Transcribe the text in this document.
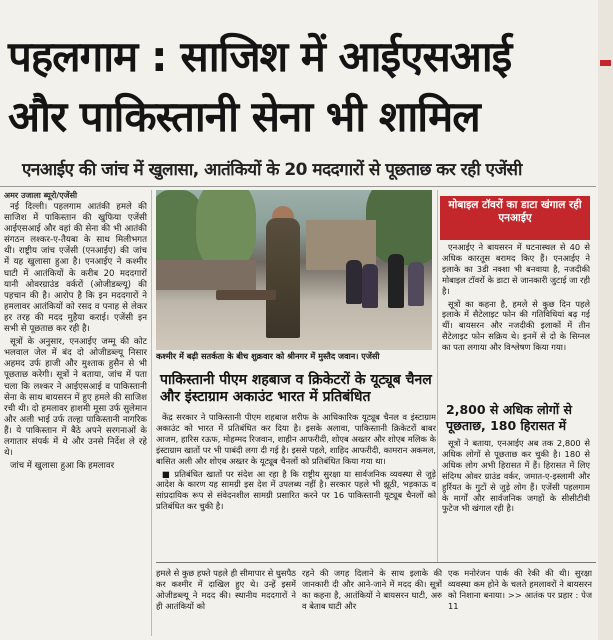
पहलगाम : साजिश में आईएसआई
और पाकिस्तानी सेना भी शामिल
एनआईए की जांच में खुलासा, आतंकियों के 20 मददगारों से पूछताछ कर रही एजेंसी
अमर उजाला ब्यूरो/एजेंसी

नई दिल्ली। पहलगाम आतंकी हमले की साजिश में पाकिस्तान की खुफिया एजेंसी आईएसआई और वहां की सेना की भी आतंकी संगठन लश्कर-ए-तैयबा के साथ मिलीभगत थी। राष्ट्रीय जांच एजेंसी (एनआईए) की जांच में यह खुलासा हुआ है। एनआईए ने कश्मीर घाटी में आतंकियों के करीब 20 मददगारों यानी ओवरग्राउंड वर्करों (ओजीडब्ल्यू) की पहचान की है। आरोप है कि इन मददगारों ने हमलावर आतंकियों को रसद व पनाह से लेकर हर तरह की मदद मुहैया कराई। एजेंसी इन सभी से पूछताछ कर रही है।

सूत्रों के अनुसार, एनआईए जम्मू की कोट भलवाल जेल में बंद दो ओजीडब्ल्यू निसार अहमद उर्फ हाजी और मुश्ताक हुसैन से भी पूछताछ करेगी। सूत्रों ने बताया, जांच में पता चला कि लश्कर ने आईएसआई व पाकिस्तानी सेना के साथ बायसरन में हुए हमले की साजिश रची थी। दो हमलावर हाशमी मूसा उर्फ सुलेमान और अली भाई उर्फ तल्हा पाकिस्तानी नागरिक हैं। ये पाकिस्तान में बैठे अपने सरगनाओं के लगातार संपर्क में थे और उनसे निर्देश ले रहे थे।

जांच में खुलासा हुआ कि हमलावर

कश्मीर में बढ़ी सतर्कता के बीच शुक्रवार को श्रीनगर में मुस्तैद जवान। एजेंसी
मोबाइल टॉवरों का डाटा खंगाल रही एनआईए

एनआईए ने बायसरन में घटनास्थल से 40 से अधिक कारतूस बरामद किए हैं। एनआईए ने इलाके का 3डी नक्शा भी बनवाया है, नजदीकी मोबाइल टॉवरों के डाटा से जानकारी जुटाई जा रही है।

सूत्रों का कहना है, हमले से कुछ दिन पहले इलाके में सैटेलाइट फोन की गतिविधियां बढ़ गई थीं। बायसरन और नजदीकी इलाकों में तीन सैटेलाइट फोन सक्रिय थे। इनमें से दो के सिग्नल का पता लगाया और विश्लेषण किया गया।

2,800 से अधिक लोगों से पूछताछ, 180 हिरासत में

सूत्रों ने बताया, एनआईए अब तक 2,800 से अधिक लोगों से पूछताछ कर चुकी है। 180 से अधिक लोग अभी हिरासत में हैं। हिरासत में लिए संदिग्ध ओवर ग्राउंड वर्कर, जमात-ए-इस्लामी और हुर्रियत के गुटों से जुड़े लोग हैं। एजेंसी पहलगाम के मार्गों और सार्वजनिक जगहों के सीसीटीवी फुटेज भी खंगाल रही है।

पाकिस्तानी पीएम शहबाज व क्रिकेटरों के यूट्यूब चैनल और इंस्टाग्राम अकाउंट भारत में प्रतिबंधित

केंद्र सरकार ने पाकिस्तानी पीएम शहबाज शरीफ के आधिकारिक यूट्यूब चैनल व इंस्टाग्राम अकाउंट को भारत में प्रतिबंधित कर दिया है। इसके अलावा, पाकिस्तानी क्रिकेटरों बाबर आजम, हारिस रऊफ, मोहम्मद रिजवान, शाहीन आफरीदी, शोएब अख्तर और शोएब मलिक के इंस्टाग्राम खातों पर भी पाबंदी लगा दी गई है। इससे पहले, शाहिद आफरीदी, कामरान अकमल, बासित अली और शोएब अख्तर के यूट्यूब चैनलों को प्रतिबंधित किया गया था।

■ प्रतिबंधित खातों पर संदेश आ रहा है कि राष्ट्रीय सुरक्षा या सार्वजनिक व्यवस्था से जुड़े आदेश के कारण यह सामग्री इस देश में उपलब्ध नहीं है। सरकार पहले भी झूठी, भड़काऊ व सांप्रदायिक रूप से संवेदनशील सामग्री प्रसारित करने पर 16 पाकिस्तानी यूट्यूब चैनलों को प्रतिबंधित कर चुकी है।

हमले से कुछ हफ्ते पहले ही सीमापार से घुसपैठ कर कश्मीर में दाखिल हुए थे। उन्हें इसमें ओजीडब्ल्यू ने मदद की। स्थानीय मददगारों ने ही आतंकियों को

रहने की जगह दिलाने के साथ इलाके की जानकारी दी और आने-जाने में मदद की। सूत्रों का कहना है, आतंकियों ने बायसरन घाटी, अरु व बेताब घाटी और

एक मनोरंजन पार्क की रेकी की थी। सुरक्षा व्यवस्था कम होने के चलते हमलावरों ने बायसरन को निशाना बनाया। >> आतंक पर प्रहार : पेज 11
